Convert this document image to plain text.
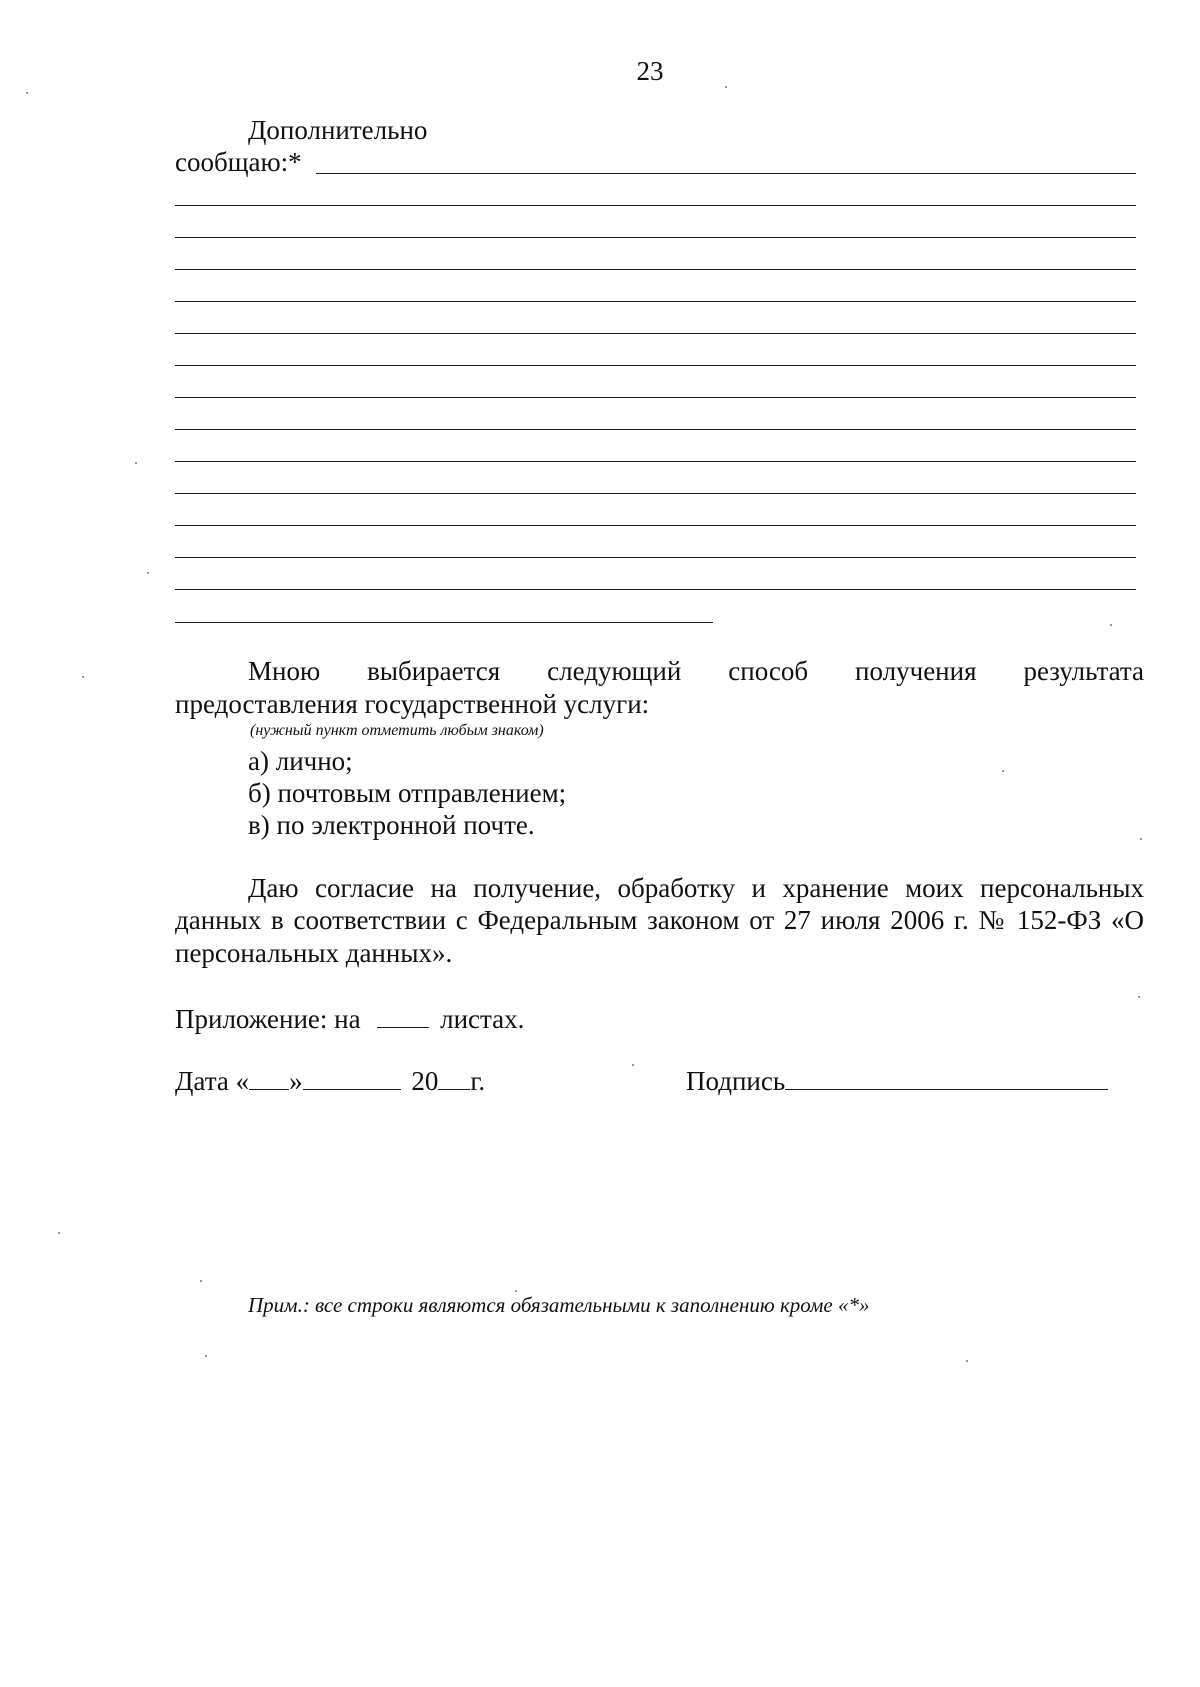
23
Дополнительно
сообщаю:*
Мною выбирается следующий способ получения результата
предоставления государственной услуги:
(нужный пункт отметить любым знаком)
а) лично;
б) почтовым отправлением;
в) по электронной почте.
Даю согласие на получение, обработку и хранение моих персональных
данных в соответствии с Федеральным законом от 27 июля 2006 г. № 152-ФЗ «О
персональных данных».
Приложение: на	листах.
Дата « »	20 г.	Подпись
Прим.: все строки являются обязательными к заполнению кроме «*»
